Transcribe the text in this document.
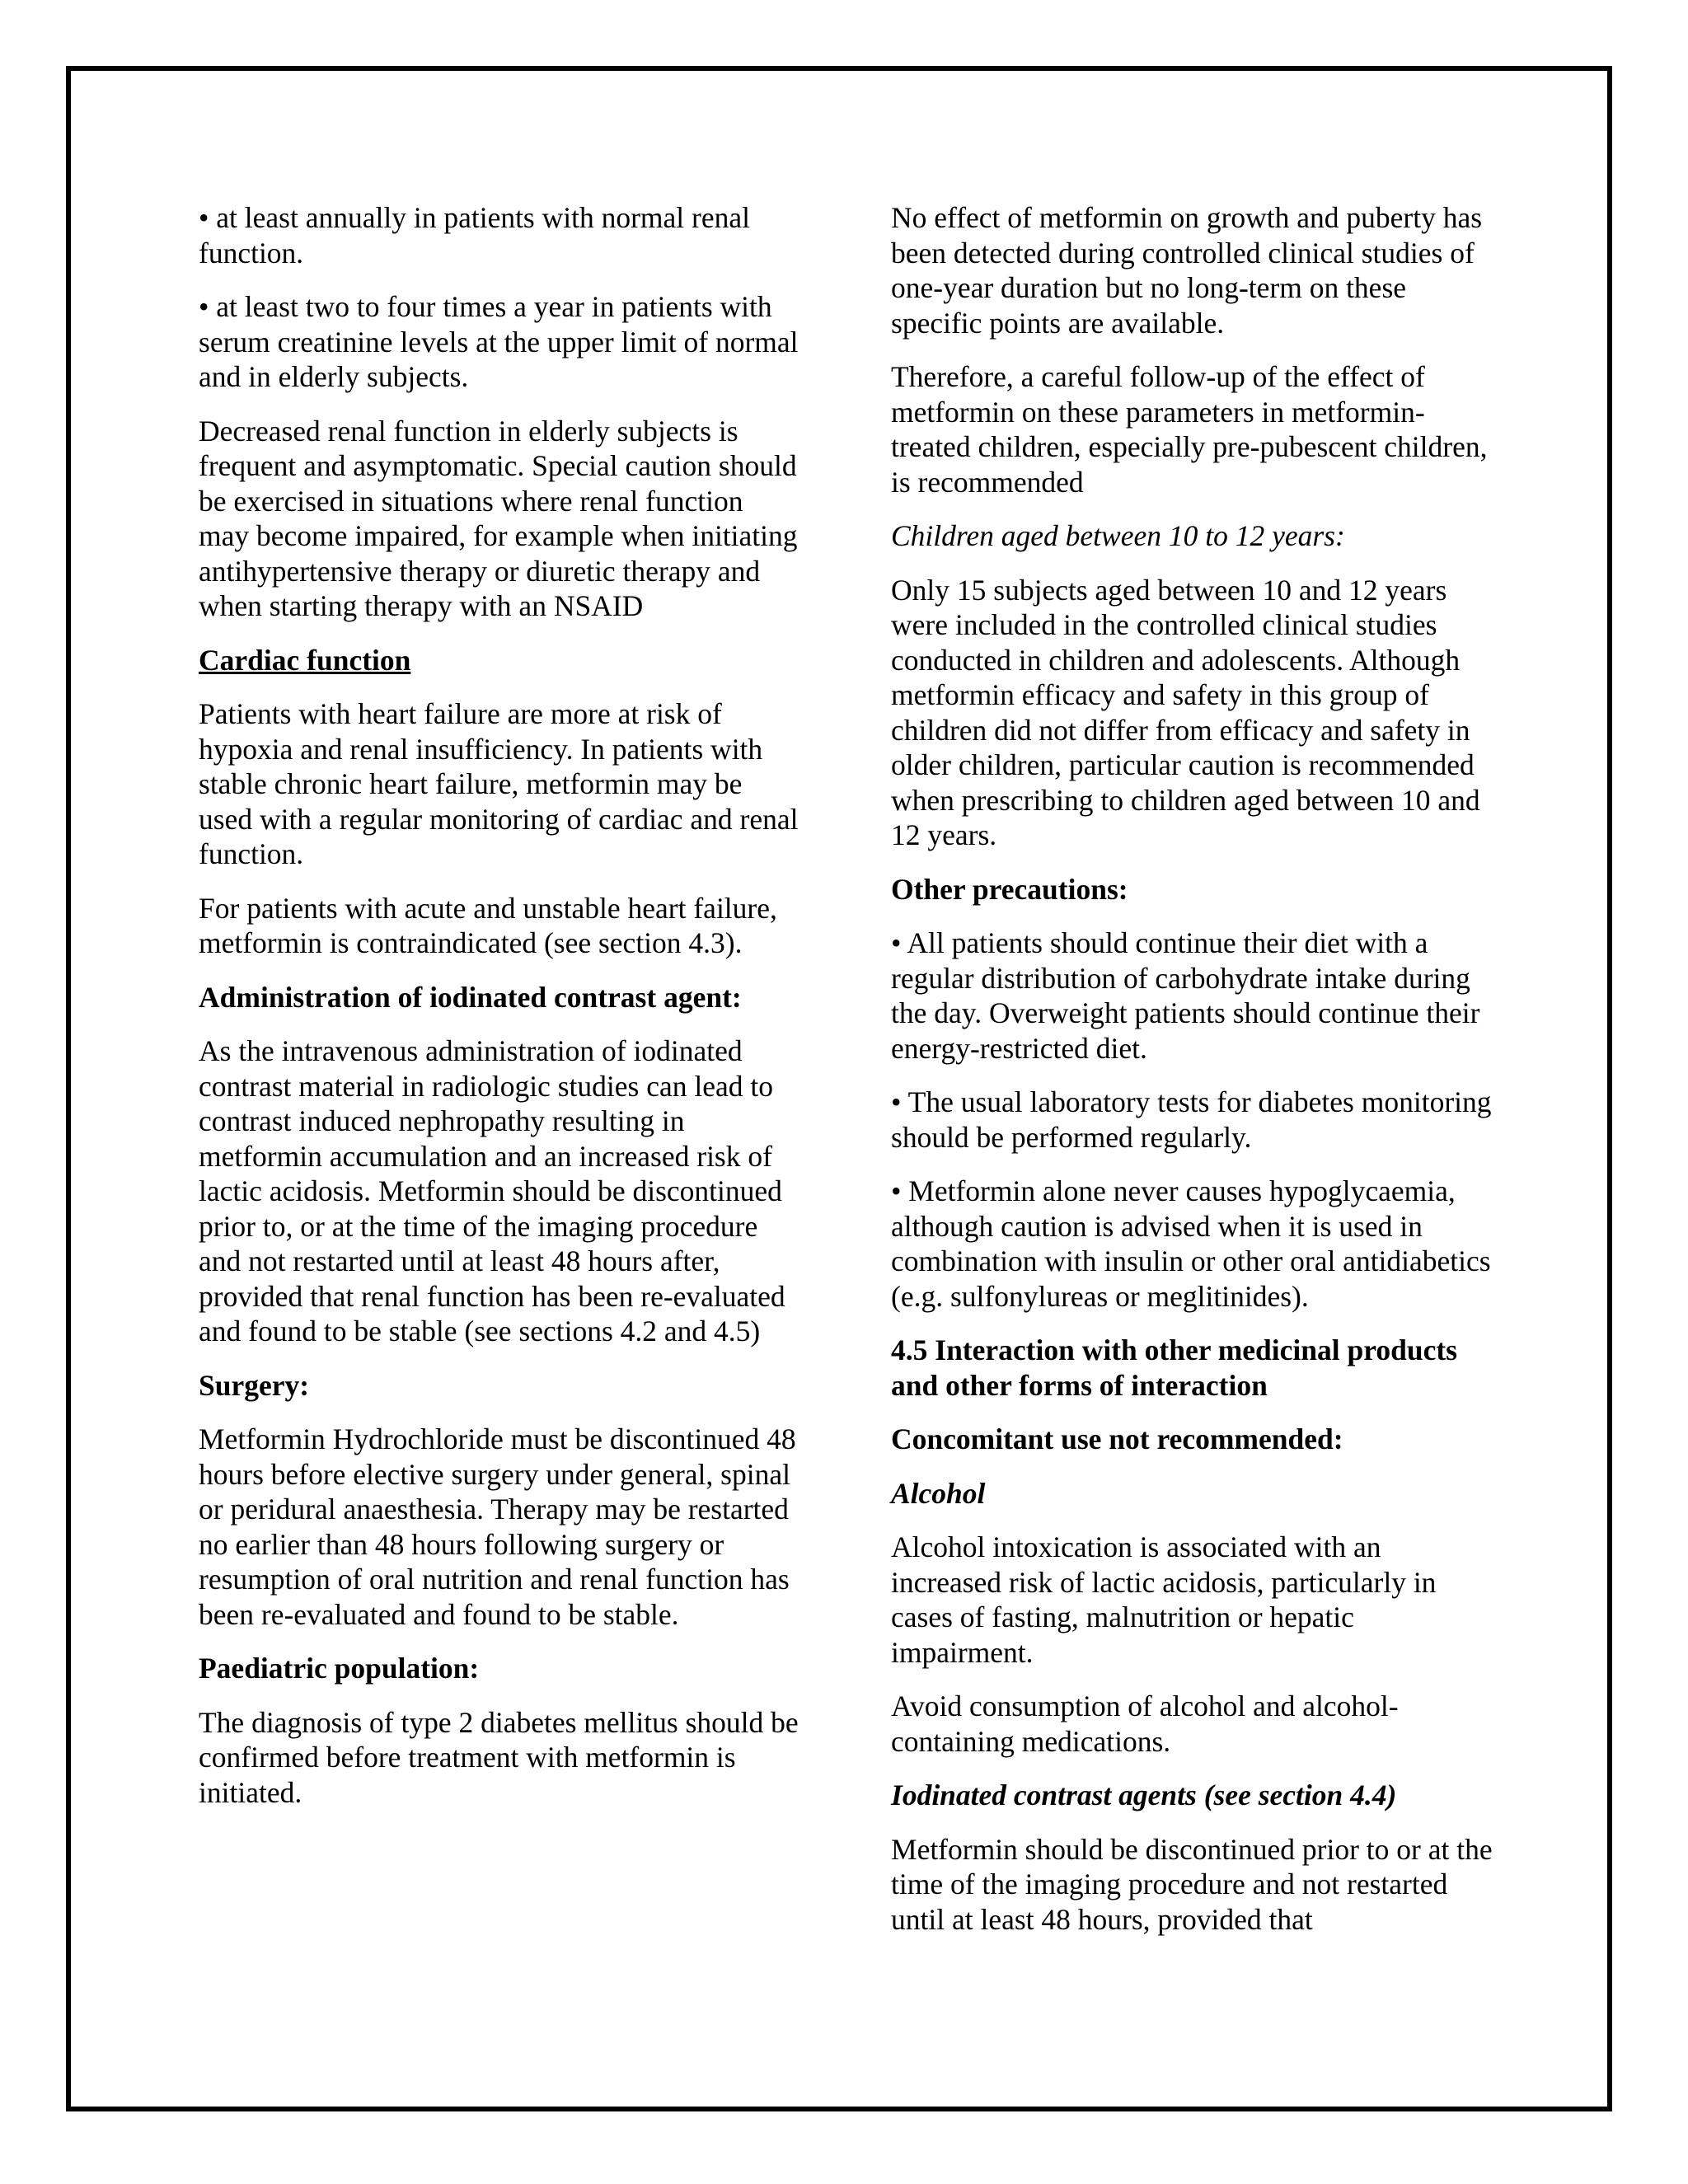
• at least annually in patients with normal renal function.

• at least two to four times a year in patients with serum creatinine levels at the upper limit of normal and in elderly subjects.

Decreased renal function in elderly subjects is frequent and asymptomatic. Special caution should be exercised in situations where renal function may become impaired, for example when initiating antihypertensive therapy or diuretic therapy and when starting therapy with an NSAID

Cardiac function

Patients with heart failure are more at risk of hypoxia and renal insufficiency. In patients with stable chronic heart failure, metformin may be used with a regular monitoring of cardiac and renal function.

For patients with acute and unstable heart failure, metformin is contraindicated (see section 4.3).

Administration of iodinated contrast agent:

As the intravenous administration of iodinated contrast material in radiologic studies can lead to contrast induced nephropathy resulting in metformin accumulation and an increased risk of lactic acidosis. Metformin should be discontinued prior to, or at the time of the imaging procedure and not restarted until at least 48 hours after, provided that renal function has been re-evaluated and found to be stable (see sections 4.2 and 4.5)

Surgery:

Metformin Hydrochloride must be discontinued 48 hours before elective surgery under general, spinal or peridural anaesthesia. Therapy may be restarted no earlier than 48 hours following surgery or resumption of oral nutrition and renal function has been re-evaluated and found to be stable.

Paediatric population:

The diagnosis of type 2 diabetes mellitus should be confirmed before treatment with metformin is initiated.

No effect of metformin on growth and puberty has been detected during controlled clinical studies of one-year duration but no long-term on these specific points are available.

Therefore, a careful follow-up of the effect of metformin on these parameters in metformin-treated children, especially pre-pubescent children, is recommended

Children aged between 10 to 12 years:

Only 15 subjects aged between 10 and 12 years were included in the controlled clinical studies conducted in children and adolescents. Although metformin efficacy and safety in this group of children did not differ from efficacy and safety in older children, particular caution is recommended when prescribing to children aged between 10 and 12 years.

Other precautions:

• All patients should continue their diet with a regular distribution of carbohydrate intake during the day. Overweight patients should continue their energy-restricted diet.

• The usual laboratory tests for diabetes monitoring should be performed regularly.

• Metformin alone never causes hypoglycaemia, although caution is advised when it is used in combination with insulin or other oral antidiabetics (e.g. sulfonylureas or meglitinides).

4.5 Interaction with other medicinal products and other forms of interaction

Concomitant use not recommended:

Alcohol

Alcohol intoxication is associated with an increased risk of lactic acidosis, particularly in cases of fasting, malnutrition or hepatic impairment.

Avoid consumption of alcohol and alcohol-containing medications.

Iodinated contrast agents (see section 4.4)

Metformin should be discontinued prior to or at the time of the imaging procedure and not restarted until at least 48 hours, provided that
